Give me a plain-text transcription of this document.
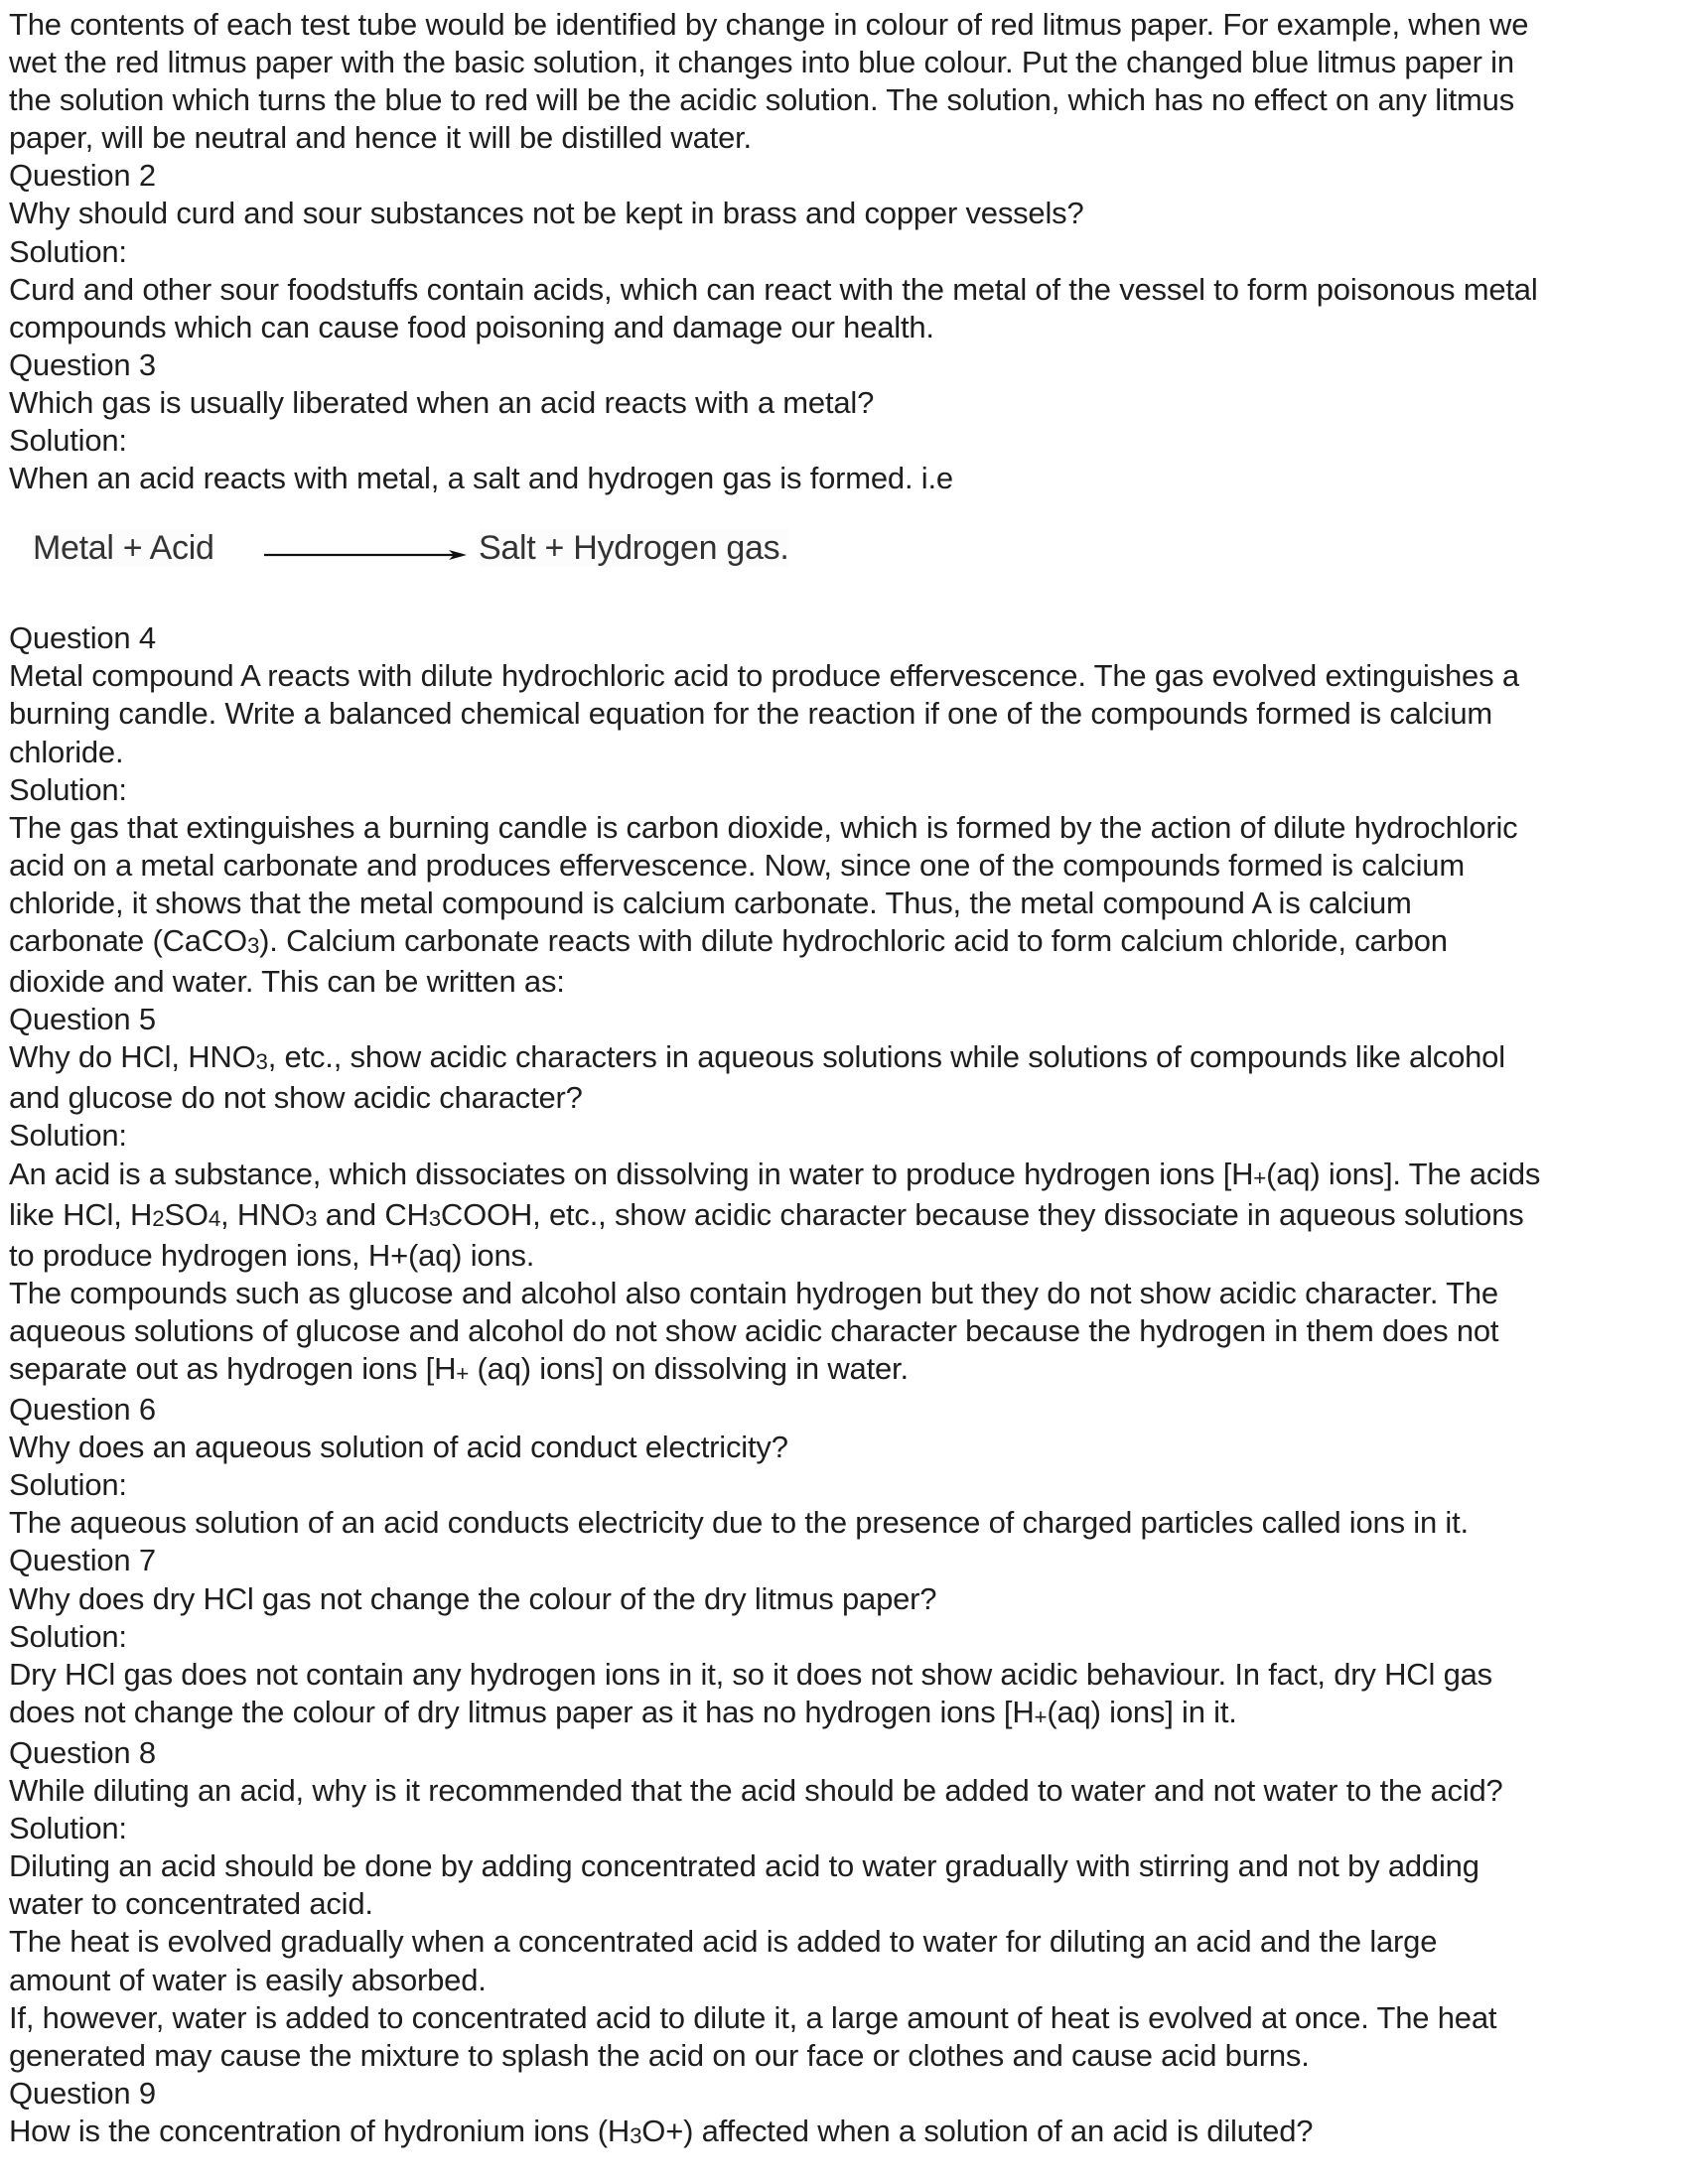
The contents of each test tube would be identified by change in colour of red litmus paper. For example, when we
wet the red litmus paper with the basic solution, it changes into blue colour. Put the changed blue litmus paper in
the solution which turns the blue to red will be the acidic solution. The solution, which has no effect on any litmus
paper, will be neutral and hence it will be distilled water.
Question 2
Why should curd and sour substances not be kept in brass and copper vessels?
Solution:
Curd and other sour foodstuffs contain acids, which can react with the metal of the vessel to form poisonous metal
compounds which can cause food poisoning and damage our health.
Question 3
Which gas is usually liberated when an acid reacts with a metal?
Solution:
When an acid reacts with metal, a salt and hydrogen gas is formed. i.e
Metal + Acid	Salt + Hydrogen gas.
Question 4
Metal compound A reacts with dilute hydrochloric acid to produce effervescence. The gas evolved extinguishes a
burning candle. Write a balanced chemical equation for the reaction if one of the compounds formed is calcium
chloride.
Solution:
The gas that extinguishes a burning candle is carbon dioxide, which is formed by the action of dilute hydrochloric
acid on a metal carbonate and produces effervescence. Now, since one of the compounds formed is calcium
chloride, it shows that the metal compound is calcium carbonate. Thus, the metal compound A is calcium
carbonate (CaCO$_3$). Calcium carbonate reacts with dilute hydrochloric acid to form calcium chloride, carbon
dioxide and water. This can be written as:
Question 5
Why do HCl, $HNO_3$, etc., show acidic characters in aqueous solutions while solutions of compounds like alcohol
and glucose do not show acidic character?
Solution:
An acid is a substance, which dissociates on dissolving in water to produce hydrogen ions [$H_+(aq)$ ions]. The acids
like HCl, $H_2SO_4$, $HNO_3$ and $CH_3COOH$, etc., show acidic character because they dissociate in aqueous solutions
to produce hydrogen ions, H+(aq) ions.
The compounds such as glucose and alcohol also contain hydrogen but they do not show acidic character. The
aqueous solutions of glucose and alcohol do not show acidic character because the hydrogen in them does not
separate out as hydrogen ions [$H_+$ (aq) ions] on dissolving in water.
Question 6
Why does an aqueous solution of acid conduct electricity?
Solution:
The aqueous solution of an acid conducts electricity due to the presence of charged particles called ions in it.
Question 7
Why does dry HCl gas not change the colour of the dry litmus paper?
Solution:
Dry HCl gas does not contain any hydrogen ions in it, so it does not show acidic behaviour. In fact, dry HCl gas
does not change the colour of dry litmus paper as it has no hydrogen ions [$H_+(aq)$ ions] in it.
Question 8
While diluting an acid, why is it recommended that the acid should be added to water and not water to the acid?
Solution:
Diluting an acid should be done by adding concentrated acid to water gradually with stirring and not by adding
water to concentrated acid.
The heat is evolved gradually when a concentrated acid is added to water for diluting an acid and the large
amount of water is easily absorbed.
If, however, water is added to concentrated acid to dilute it, a large amount of heat is evolved at once. The heat
generated may cause the mixture to splash the acid on our face or clothes and cause acid burns.
Question 9
How is the concentration of hydronium ions $(H_3O+)$ affected when a solution of an acid is diluted?
